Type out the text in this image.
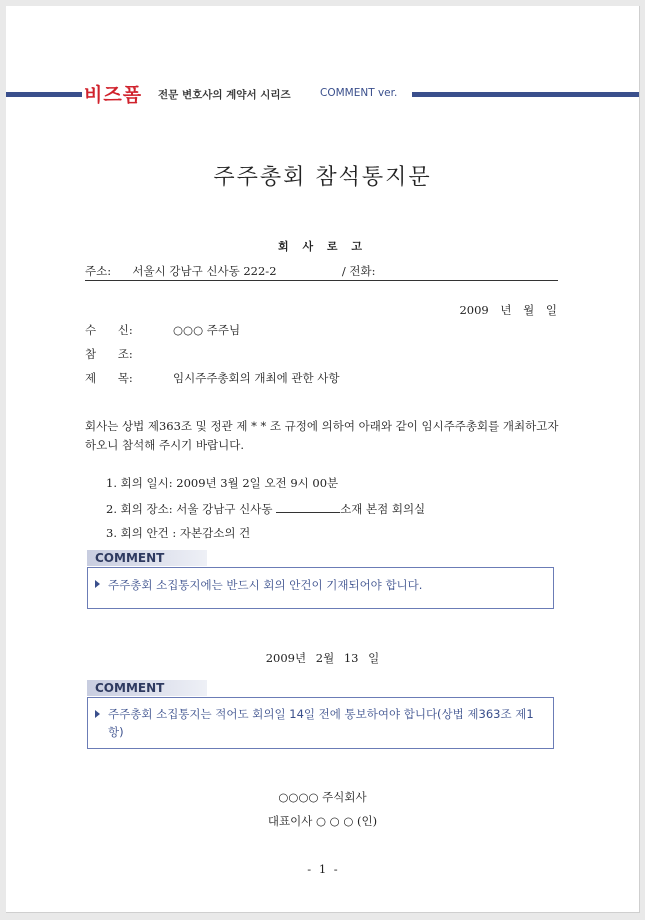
비즈폼 전문 변호사의 계약서 시리즈	COMMENT ver.
주주총회 참석통지문
회 사 로 고
주소: 서울시 강남구 신사동 222-2	/ 전화:
2009 년 월 일
수 신:	○○○ 주주님
참 조:
제 목:	임시주주총회의 개최에 관한 사항
회사는 상법 제363조 및 정관 제 * * 조 규정에 의하여 아래와 같이 임시주주총회를 개최하고자 하오니 참석해 주시기 바랍니다.
1. 회의 일시: 2009년 3월 2일 오전 9시 00분
2. 회의 장소: 서울 강남구 신사동	소재 본점 회의실
3. 회의 안건 : 자본감소의 건
COMMENT
주주총회 소집통지에는 반드시 회의 안건이 기재되어야 합니다.
2009년 2월 13 일
COMMENT
주주총회 소집통지는 적어도 회의일 14일 전에 통보하여야 합니다(상법 제363조 제1항)
○○○○ 주식회사
대표이사 ○ ○ ○ (인)
- 1 -
